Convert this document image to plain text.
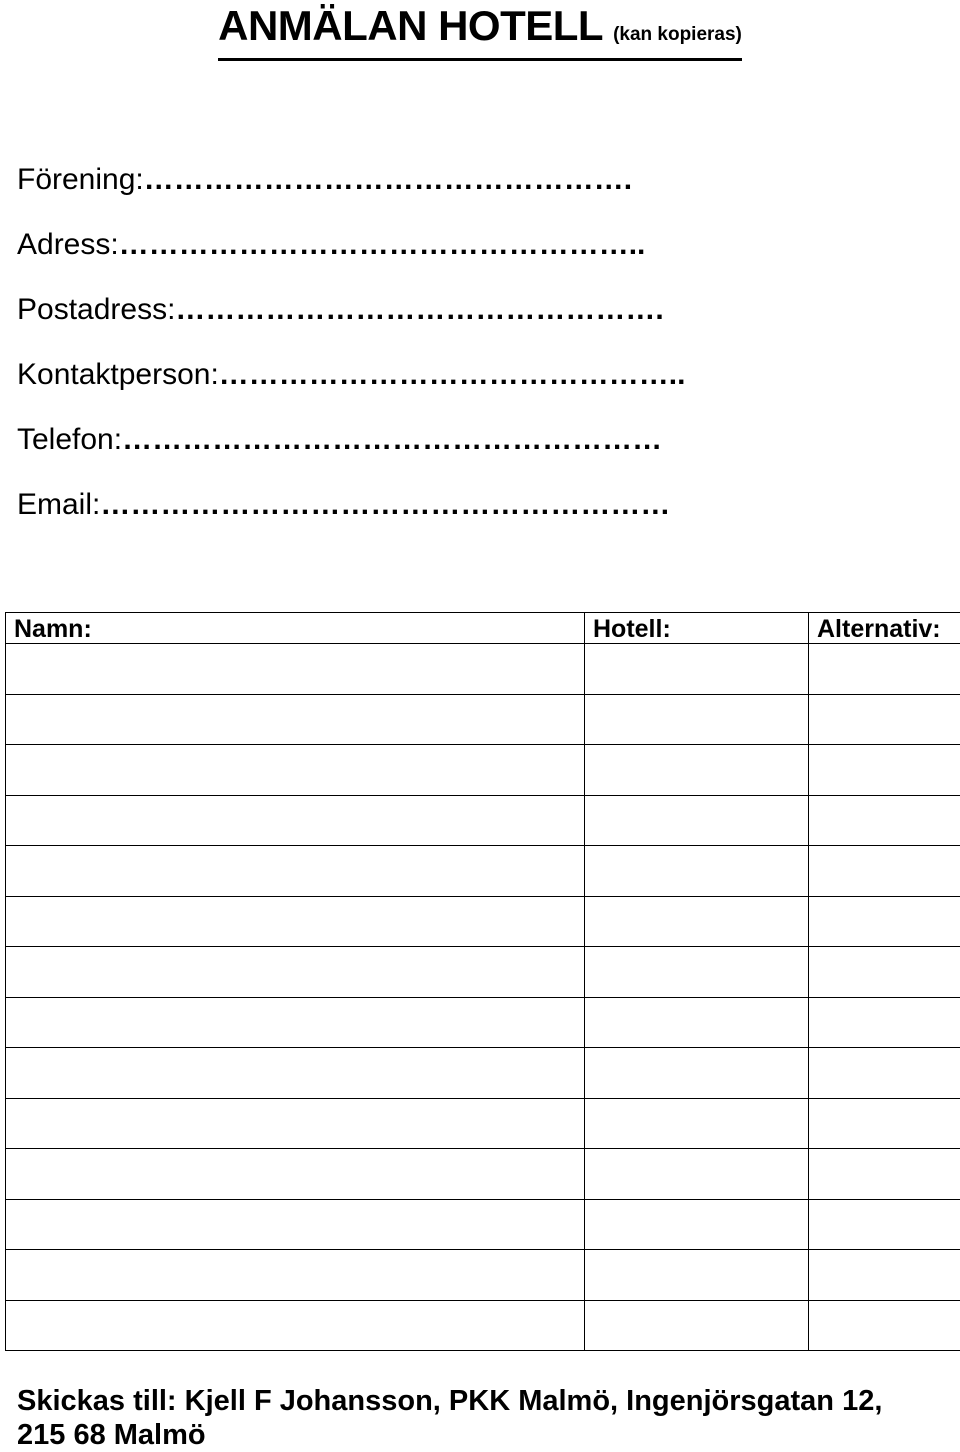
ANMÄLAN HOTELL (kan kopieras)
Förening:………………………………………….
Adress:……………………………………………..
Postadress:………………………………………….
Kontaktperson:………………………………………..
Telefon:………………………………………………
Email:…………………………………………………
Namn:	Hotell:	Alternativ:

Skickas till: Kjell F Johansson, PKK Malmö, Ingenjörsgatan 12,
215 68 Malmö
